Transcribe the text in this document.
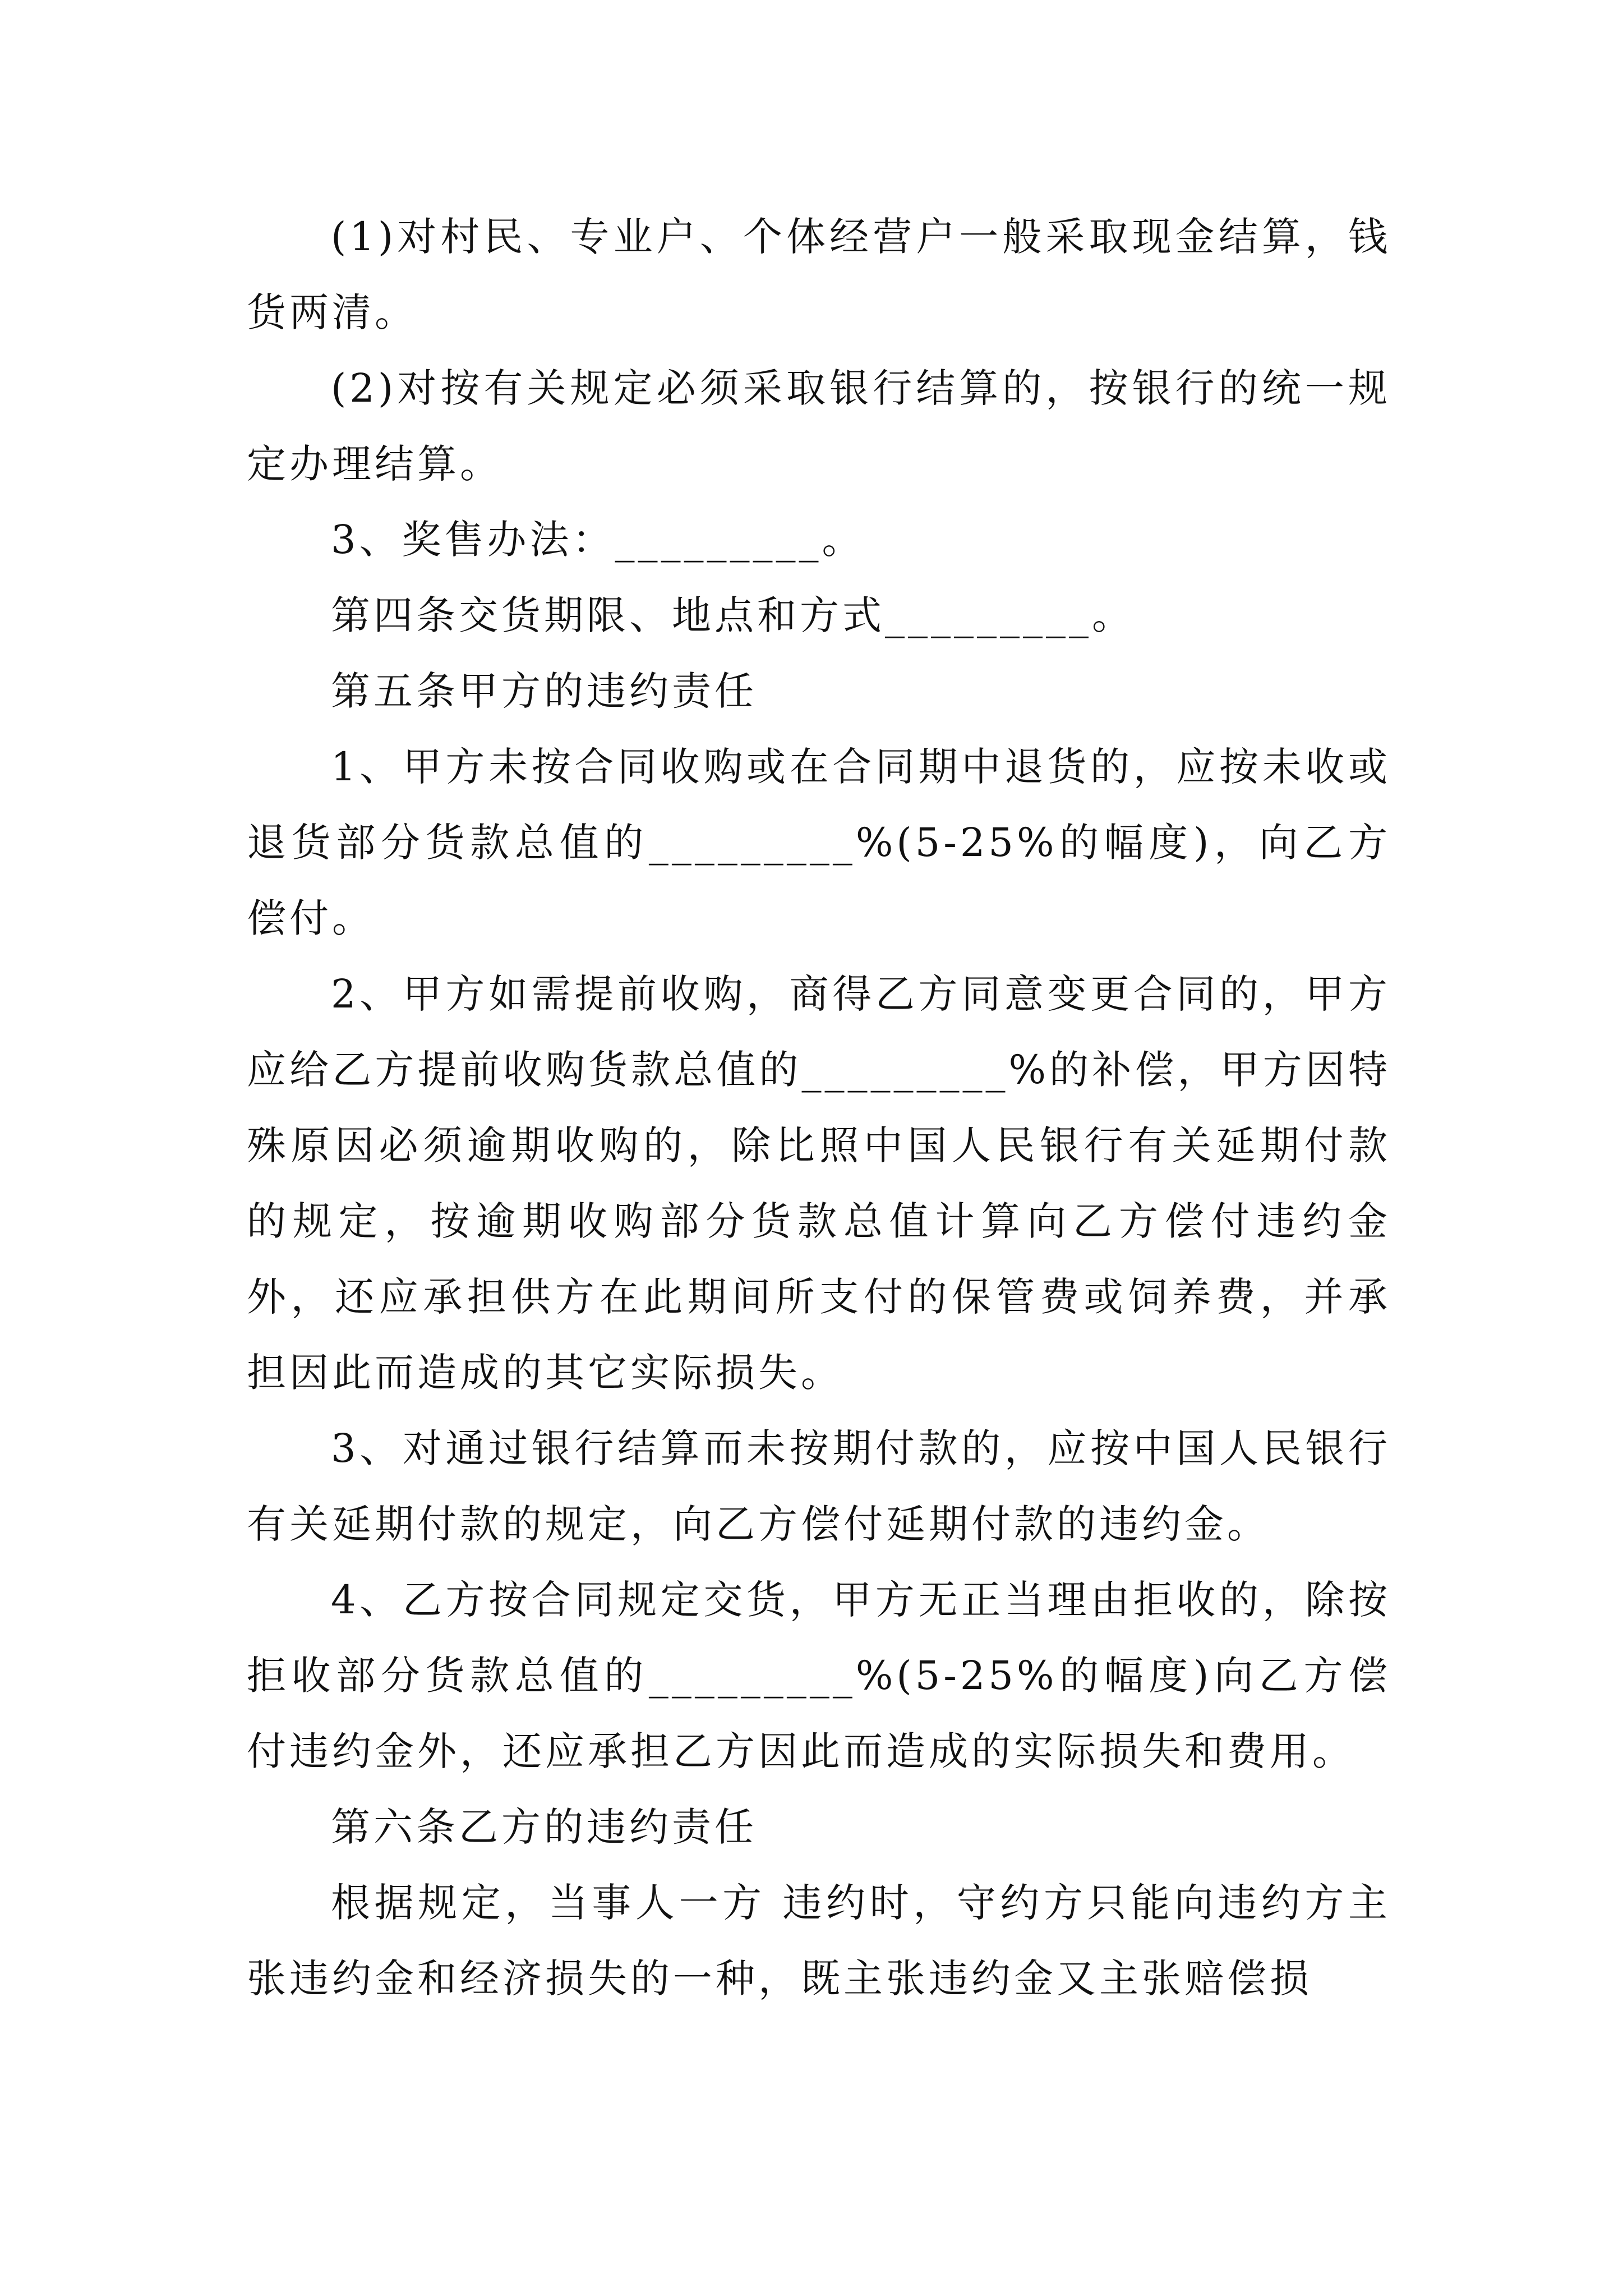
(1)对村民、专业户、个体经营户一般采取现金结算，钱货两清。

(2)对按有关规定必须采取银行结算的，按银行的统一规定办理结算。

3、奖售办法：_________。

第四条交货期限、地点和方式_________。

第五条甲方的违约责任

1、甲方未按合同收购或在合同期中退货的，应按未收或退货部分货款总值的_________%(5-25%的幅度)，向乙方偿付。

2、甲方如需提前收购，商得乙方同意变更合同的，甲方应给乙方提前收购货款总值的_________%的补偿，甲方因特殊原因必须逾期收购的，除比照中国人民银行有关延期付款的规定，按逾期收购部分货款总值计算向乙方偿付违约金外，还应承担供方在此期间所支付的保管费或饲养费，并承担因此而造成的其它实际损失。

3、对通过银行结算而未按期付款的，应按中国人民银行有关延期付款的规定，向乙方偿付延期付款的违约金。

4、乙方按合同规定交货，甲方无正当理由拒收的，除按拒收部分货款总值的_________%(5-25%的幅度)向乙方偿付违约金外，还应承担乙方因此而造成的实际损失和费用。

第六条乙方的违约责任

根据规定，当事人一方 违约时，守约方只能向违约方主张违约金和经济损失的一种，既主张违约金又主张赔偿损
